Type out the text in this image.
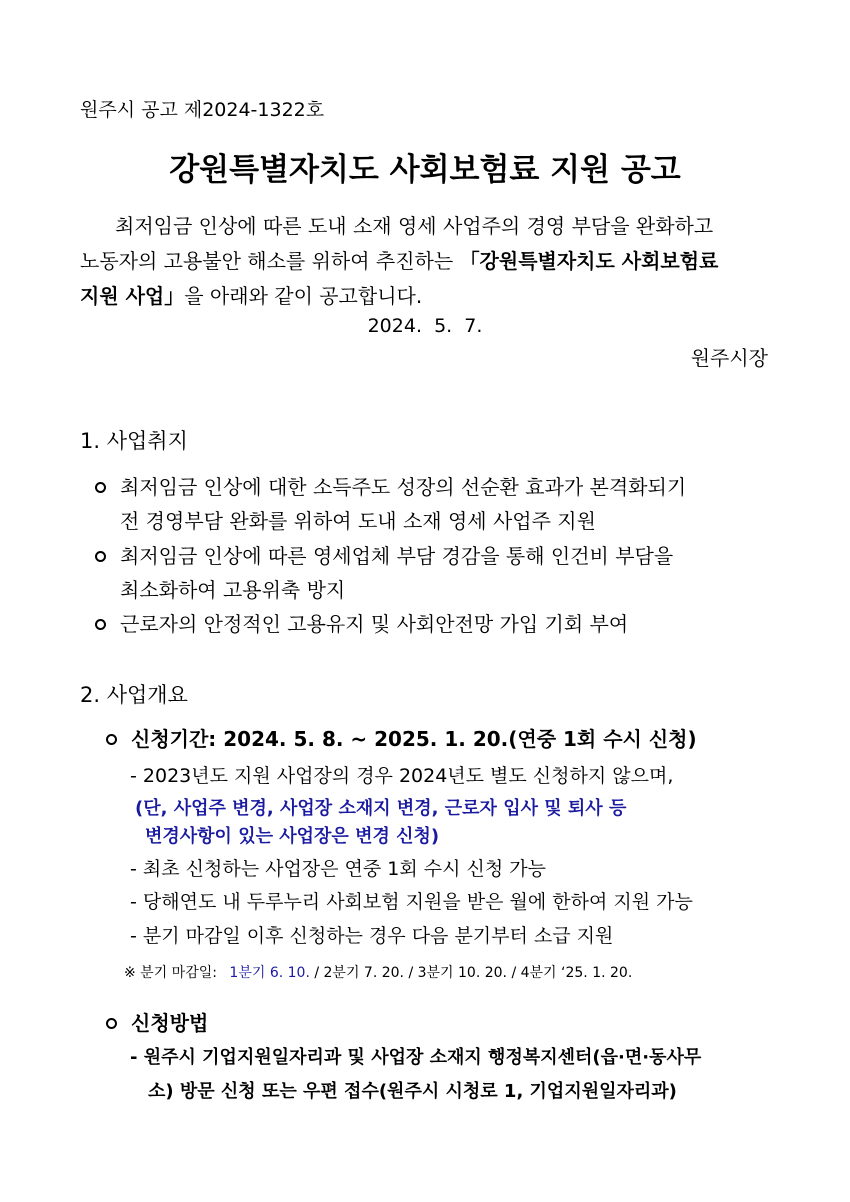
원주시 공고 제2024-1322호
강원특별자치도 사회보험료 지원 공고
최저임금 인상에 따른 도내 소재 영세 사업주의 경영 부담을 완화하고
노동자의 고용불안 해소를 위하여 추진하는 「강원특별자치도 사회보험료
지원 사업」을 아래와 같이 공고합니다.
2024.  5.  7.
원주시장
1. 사업취지
최저임금 인상에 대한 소득주도 성장의 선순환 효과가 본격화되기
전 경영부담 완화를 위하여 도내 소재 영세 사업주 지원
최저임금 인상에 따른 영세업체 부담 경감을 통해 인건비 부담을
최소화하여 고용위축 방지
근로자의 안정적인 고용유지 및 사회안전망 가입 기회 부여
2. 사업개요
신청기간: 2024. 5. 8. ~ 2025. 1. 20.(연중 1회 수시 신청)
- 2023년도 지원 사업장의 경우 2024년도 별도 신청하지 않으며,
(단, 사업주 변경, 사업장 소재지 변경, 근로자 입사 및 퇴사 등
변경사항이 있는 사업장은 변경 신청)
- 최초 신청하는 사업장은 연중 1회 수시 신청 가능
- 당해연도 내 두루누리 사회보험 지원을 받은 월에 한하여 지원 가능
- 분기 마감일 이후 신청하는 경우 다음 분기부터 소급 지원
※ 분기 마감일: 1분기 6. 10. / 2분기 7. 20. / 3분기 10. 20. / 4분기 ‘25. 1. 20.
신청방법
- 원주시 기업지원일자리과 및 사업장 소재지 행정복지센터(읍·면·동사무
소) 방문 신청 또는 우편 접수(원주시 시청로 1, 기업지원일자리과)
